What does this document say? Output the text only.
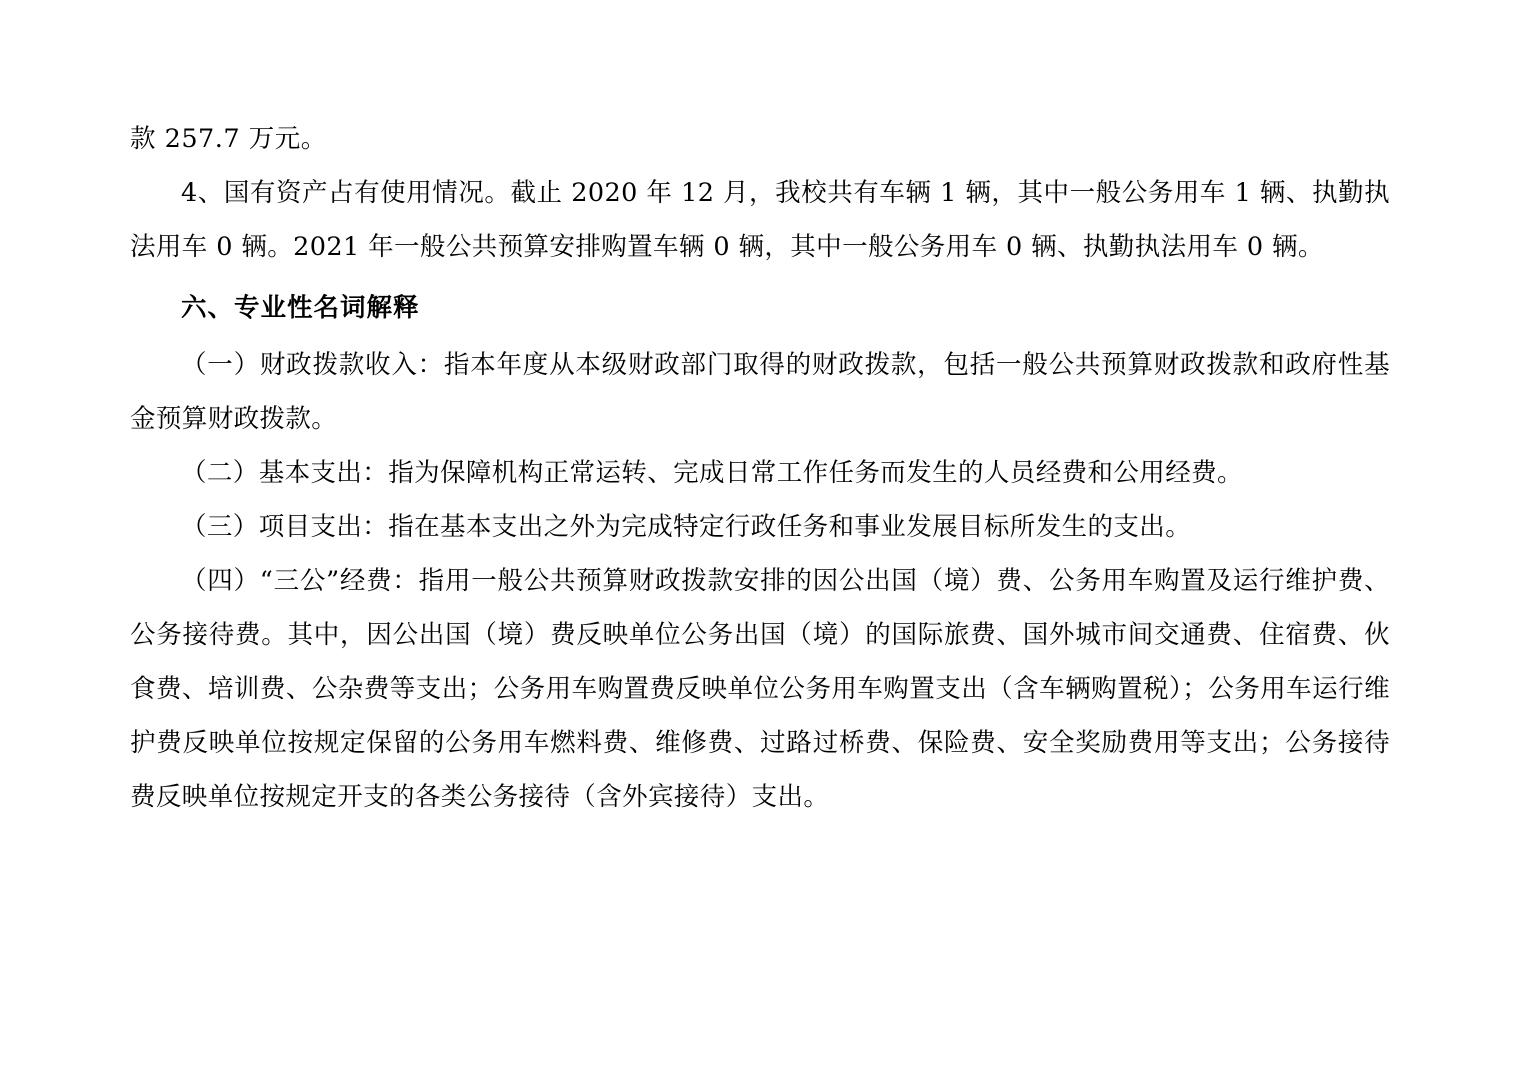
款 257.7 万元。

4、国有资产占有使用情况。截止 2020 年 12 月，我校共有车辆 1 辆，其中一般公务用车 1 辆、执勤执法用车 0 辆。2021 年一般公共预算安排购置车辆 0 辆，其中一般公务用车 0 辆、执勤执法用车 0 辆。

六、专业性名词解释

（一）财政拨款收入：指本年度从本级财政部门取得的财政拨款，包括一般公共预算财政拨款和政府性基金预算财政拨款。

（二）基本支出：指为保障机构正常运转、完成日常工作任务而发生的人员经费和公用经费。

（三）项目支出：指在基本支出之外为完成特定行政任务和事业发展目标所发生的支出。

（四）“三公”经费：指用一般公共预算财政拨款安排的因公出国（境）费、公务用车购置及运行维护费、公务接待费。其中，因公出国（境）费反映单位公务出国（境）的国际旅费、国外城市间交通费、住宿费、伙食费、培训费、公杂费等支出；公务用车购置费反映单位公务用车购置支出（含车辆购置税）；公务用车运行维护费反映单位按规定保留的公务用车燃料费、维修费、过路过桥费、保险费、安全奖励费用等支出；公务接待费反映单位按规定开支的各类公务接待（含外宾接待）支出。
